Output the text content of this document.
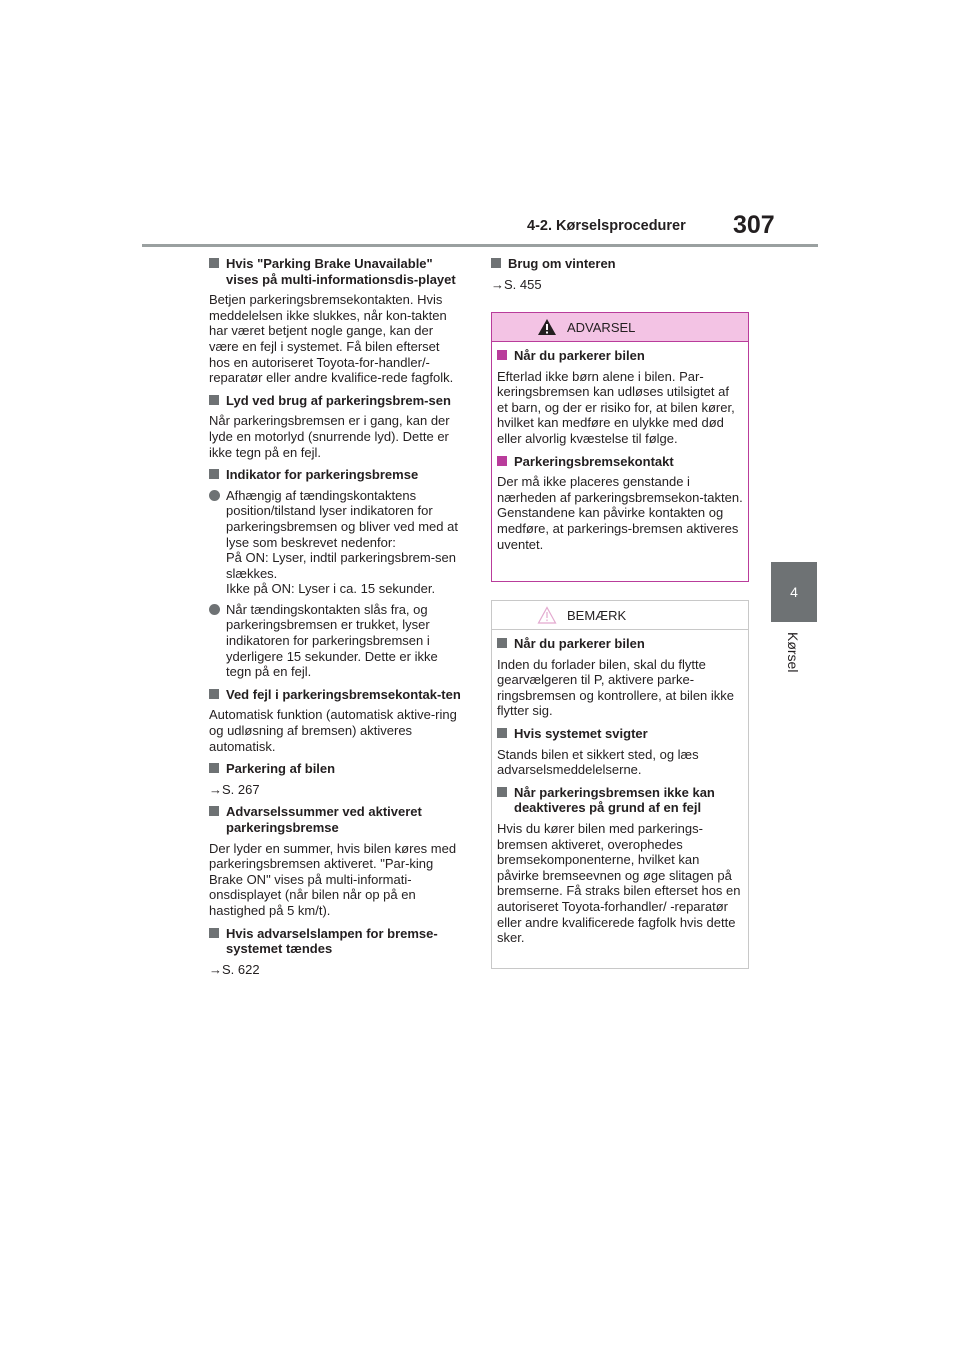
4-2. Kørselsprocedurer 307
4
Kørsel
Hvis "Parking Brake Unavailable" vises på multi-informationsdis-playet
Betjen parkeringsbremsekontakten. Hvis meddelelsen ikke slukkes, når kon-takten har været betjent nogle gange, kan der være en fejl i systemet. Få bilen efterset hos en autoriseret Toyota-for-handler/-reparatør eller andre kvalifice-rede fagfolk.
Lyd ved brug af parkeringsbrem-sen
Når parkeringsbremsen er i gang, kan der lyde en motorlyd (snurrende lyd). Dette er ikke tegn på en fejl.
Indikator for parkeringsbremse
Afhængig af tændingskontaktens position/tilstand lyser indikatoren for parkeringsbremsen og bliver ved med at lyse som beskrevet nedenfor:
På ON: Lyser, indtil parkeringsbrem-sen slækkes.
Ikke på ON: Lyser i ca. 15 sekunder.
Når tændingskontakten slås fra, og parkeringsbremsen er trukket, lyser indikatoren for parkeringsbremsen i yderligere 15 sekunder. Dette er ikke tegn på en fejl.
Ved fejl i parkeringsbremsekontak-ten
Automatisk funktion (automatisk aktive-ring og udløsning af bremsen) aktiveres automatisk.
Parkering af bilen
→S. 267
Advarselssummer ved aktiveret parkeringsbremse
Der lyder en summer, hvis bilen køres med parkeringsbremsen aktiveret. "Par-king Brake ON" vises på multi-informati-onsdisplayet (når bilen når op på en hastighed på 5 km/t).
Hvis advarselslampen for bremse-systemet tændes
→S. 622
Brug om vinteren
→S. 455
ADVARSEL
Når du parkerer bilen
Efterlad ikke børn alene i bilen. Par-keringsbremsen kan udløses utilsigtet af et barn, og der er risiko for, at bilen kører, hvilket kan medføre en ulykke med død eller alvorlig kvæstelse til følge.
Parkeringsbremsekontakt
Der må ikke placeres genstande i nærheden af parkeringsbremsekon-takten. Genstandene kan påvirke kontakten og medføre, at parkerings-bremsen aktiveres uventet.
BEMÆRK
Når du parkerer bilen
Inden du forlader bilen, skal du flytte gearvælgeren til P, aktivere parke-ringsbremsen og kontrollere, at bilen ikke flytter sig.
Hvis systemet svigter
Stands bilen et sikkert sted, og læs advarselsmeddelelserne.
Når parkeringsbremsen ikke kan deaktiveres på grund af en fejl
Hvis du kører bilen med parkerings-bremsen aktiveret, overophedes bremsekomponenterne, hvilket kan påvirke bremseevnen og øge slitagen på bremserne. Få straks bilen efterset hos en autoriseret Toyota-forhandler/ -reparatør eller andre kvalificerede fagfolk hvis dette sker.
